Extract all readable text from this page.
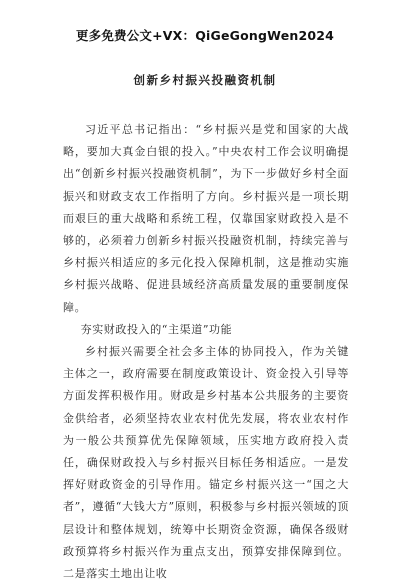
更多免费公文+VX：QiGeGongWen2024
创新乡村振兴投融资机制

习近平总书记指出：“乡村振兴是党和国家的大战略，要加大真金白银的投入。”中央农村工作会议明确提出“创新乡村振兴投融资机制”，为下一步做好乡村全面振兴和财政支农工作指明了方向。乡村振兴是一项长期而艰巨的重大战略和系统工程，仅靠国家财政投入是不够的，必须着力创新乡村振兴投融资机制，持续完善与乡村振兴相适应的多元化投入保障机制，这是推动实施乡村振兴战略、促进县域经济高质量发展的重要制度保障。

夯实财政投入的“主渠道”功能

乡村振兴需要全社会多主体的协同投入，作为关键主体之一，政府需要在制度政策设计、资金投入引导等方面发挥积极作用。财政是乡村基本公共服务的主要资金供给者，必须坚持农业农村优先发展，将农业农村作为一般公共预算优先保障领域，压实地方政府投入责任，确保财政投入与乡村振兴目标任务相适应。一是发挥好财政资金的引导作用。锚定乡村振兴这一“国之大者”，遵循“大钱大方”原则，积极参与乡村振兴领域的顶层设计和整体规划，统筹中长期资金资源，确保各级财政预算将乡村振兴作为重点支出，预算安排保障到位。二是落实土地出让收
